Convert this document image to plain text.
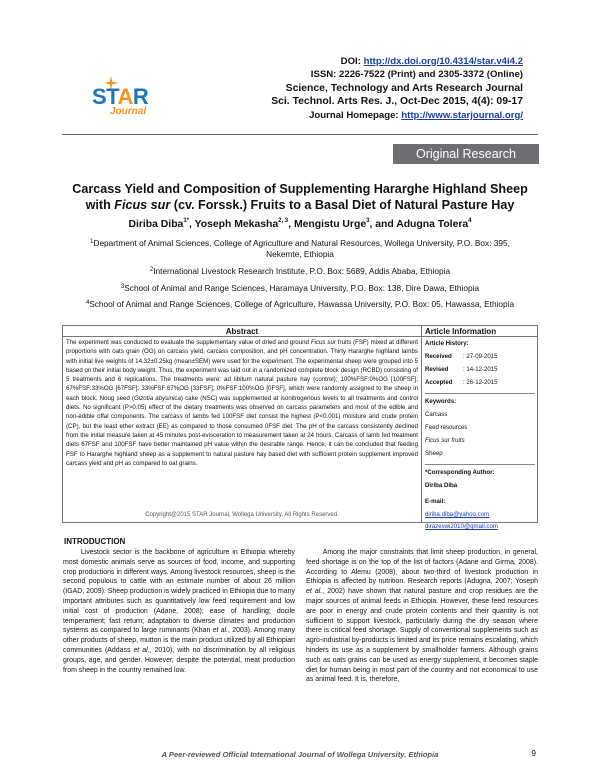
STAR
Journal
DOI: http://dx.doi.org/10.4314/star.v4i4.2
ISSN: 2226-7522 (Print) and 2305-3372 (Online)
Science, Technology and Arts Research Journal
Sci. Technol. Arts Res. J., Oct-Dec 2015, 4(4): 09-17
Journal Homepage: http://www.starjournal.org/
Original Research
Carcass Yield and Composition of Supplementing Hararghe Highland Sheep
with Ficus sur (cv. Forssk.) Fruits to a Basal Diet of Natural Pasture Hay
Diriba Diba$^{1*}$, Yoseph Mekasha$^{2, 3}$, Mengistu Urge$^3$, and Adugna Tolera$^4$
$^1$Department of Animal Sciences, College of Agriculture and Natural Resources, Wollega University, P.O. Box: 395, Nekemte, Ethiopia
$^2$International Livestock Research Institute, P.O. Box: 5689, Addis Ababa, Ethiopia
$^3$School of Animal and Range Sciences, Haramaya University, P.O. Box: 138, Dire Dawa, Ethiopia
$^4$School of Animal and Range Sciences, College of Agriculture, Hawassa University, P.O. Box: 05, Hawassa, Ethiopia
Abstract	Article Information
The experiment was conducted to evaluate the supplementary value of dried and ground Ficus sur fruits (FSF) mixed at different proportions with oats grain (OG) on carcass yield, carcass composition, and pH concentration. Thirty Hararghe highland lambs with initial live weights of 14.32±0.25kg (mean±SEM) were used for the experiment. The experimental sheep were grouped into 5 based on their initial body weight. Thus, the experiment was laid out in a randomized complete block design (RCBD) consisting of 5 treatments and 6 replications. The treatments were: ad libitum natural pasture hay (control); 100%FSF:0%OG [100FSF]; 67%FSF:33%OG [67FSF]; 33%FSF:67%OG [33FSF]; 0%FSF:100%OG [0FSF], which were randomly assigned to the sheep in each block. Noug seed (Gizotia abysinica) cake (NSC) was supplemented at isonitrogenous levels to all treatments and control diets. No significant (P>0.05) effect of the dietary treatments was observed on carcass parameters and most of the edible and non-edible offal components. The carcass of lambs fed 100FSF diet consist the highest (P<0.001) moisture and crude protein (CP), but the least ether extract (EE) as compared to those consumed 0FSF diet. The pH of the carcass consistently declined from the initial measure taken at 45 minutes post-evisceration to measurement taken at 24 hours. Carcass of lamb fed treatment diets 67FSF and 100FSF have better maintained pH value within the desirable range. Hence, it can be concluded that feeding FSF to Hararghe highland sheep as a supplement to natural pasture hay based diet with sufficient protein supplement improved carcass yield and pH as compared to oat grains.
Copyright@2015 STAR Journal, Wollega University. All Rights Reserved.
Article History:
Received : 27-09-2015
Revised : 14-12-2015
Accepted : 26-12-2015
Keywords:
Carcass
Feed resources
Ficus sur fruits
Sheep
*Corresponding Author:
Diriba Diba
E-mail:
diriba.diba@yahoo.com
dirazeswi2010@gmail.com
INTRODUCTION
Livestock sector is the backbone of agriculture in Ethiopia whereby most domestic animals serve as sources of food, income, and supporting crop productions in different ways. Among livestock resources, sheep is the second populous to cattle with an estimate number of about 26 million (IGAD, 2009). Sheep production is widely practiced in Ethiopia due to many important attributes such as quantitatively low feed requirement and low initial cost of production (Adane, 2008); ease of handling; docile temperament; fast return; adaptation to diverse climates and production systems as compared to large ruminants (Khan et al., 2003). Among many other products of sheep, mutton is the main product utilized by all Ethiopian communities (Addass et al., 2010), with no discrimination by all religious groups, age, and gender. However, despite the potential, meat production from sheep in the country remained low.
Among the major constraints that limit sheep production, in general, feed shortage is on the top of the list of factors (Adane and Girma, 2008). According to Alemu (2008), about two-third of livestock production in Ethiopia is affected by nutrition. Research reports (Adugna, 2007; Yoseph et al., 2002) have shown that natural pasture and crop residues are the major sources of animal feeds in Ethiopia. However, these feed resources are poor in energy and crude protein contents and their quantity is not sufficient to support livestock, particularly during the dry season where there is critical feed shortage. Supply of conventional supplements such as agro-industrial by-products is limited and its price remains escalating, which hinders its use as a supplement by smallholder farmers. Although grains such as oats grains can be used as energy supplement, it becomes staple diet for human being in most part of the country and not economical to use as animal feed. It is, therefore,
A Peer-reviewed Official International Journal of Wollega University, Ethiopia	9
